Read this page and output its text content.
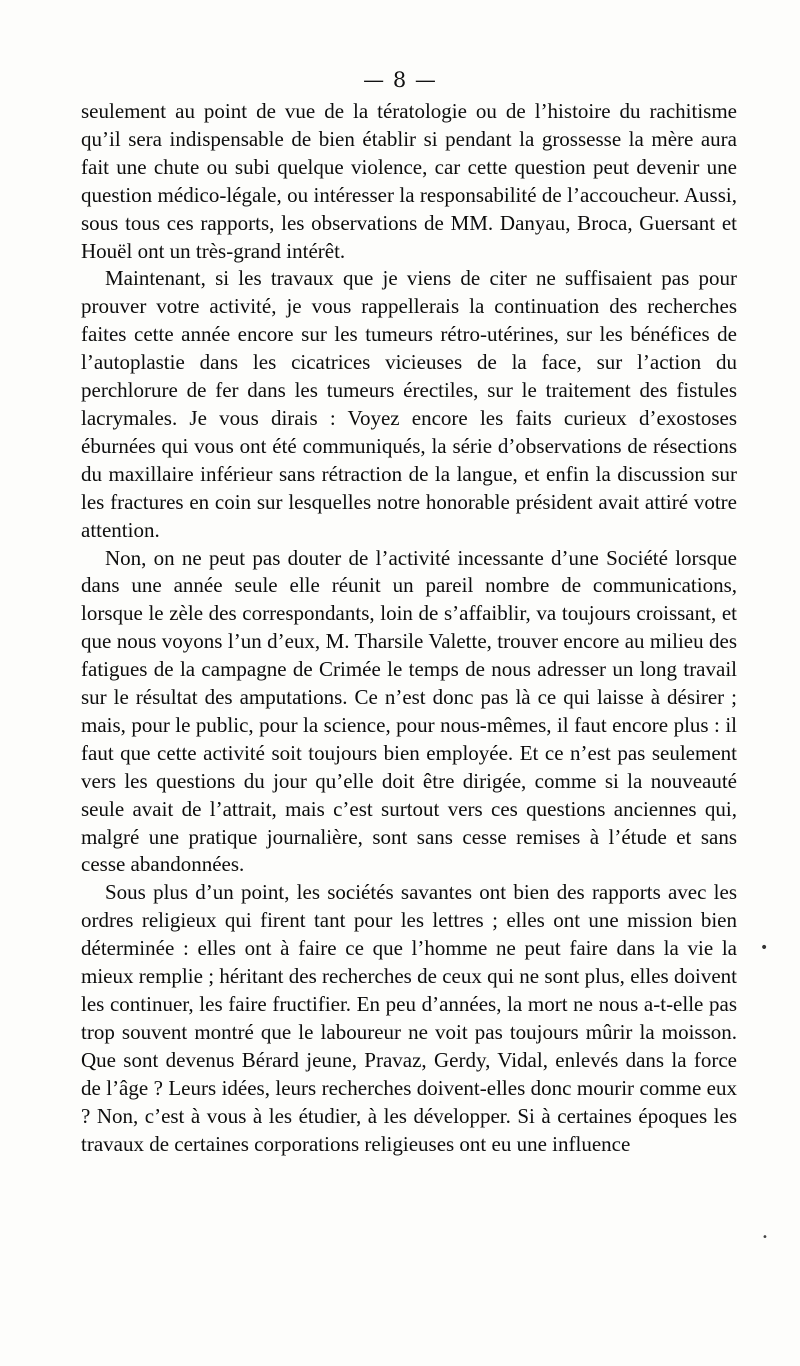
— 8 —

seulement au point de vue de la tératologie ou de l’histoire du rachitisme qu’il sera indispensable de bien établir si pendant la grossesse la mère aura fait une chute ou subi quelque violence, car cette question peut devenir une question médico-légale, ou intéresser la responsabilité de l’accoucheur. Aussi, sous tous ces rapports, les observations de MM. Danyau, Broca, Guersant et Houël ont un très-grand intérêt.

Maintenant, si les travaux que je viens de citer ne suffisaient pas pour prouver votre activité, je vous rappellerais la continuation des recherches faites cette année encore sur les tumeurs rétro-utérines, sur les bénéfices de l’autoplastie dans les cicatrices vicieuses de la face, sur l’action du perchlorure de fer dans les tumeurs érectiles, sur le traitement des fistules lacrymales. Je vous dirais : Voyez encore les faits curieux d’exostoses éburnées qui vous ont été communiqués, la série d’observations de résections du maxillaire inférieur sans rétraction de la langue, et enfin la discussion sur les fractures en coin sur lesquelles notre honorable président avait attiré votre attention.

Non, on ne peut pas douter de l’activité incessante d’une Société lorsque dans une année seule elle réunit un pareil nombre de communications, lorsque le zèle des correspondants, loin de s’affaiblir, va toujours croissant, et que nous voyons l’un d’eux, M. Tharsile Valette, trouver encore au milieu des fatigues de la campagne de Crimée le temps de nous adresser un long travail sur le résultat des amputations. Ce n’est donc pas là ce qui laisse à désirer ; mais, pour le public, pour la science, pour nous-mêmes, il faut encore plus : il faut que cette activité soit toujours bien employée. Et ce n’est pas seulement vers les questions du jour qu’elle doit être dirigée, comme si la nouveauté seule avait de l’attrait, mais c’est surtout vers ces questions anciennes qui, malgré une pratique journalière, sont sans cesse remises à l’étude et sans cesse abandonnées.

Sous plus d’un point, les sociétés savantes ont bien des rapports avec les ordres religieux qui firent tant pour les lettres ; elles ont une mission bien déterminée : elles ont à faire ce que l’homme ne peut faire dans la vie la mieux remplie ; héritant des recherches de ceux qui ne sont plus, elles doivent les continuer, les faire fructifier. En peu d’années, la mort ne nous a-t-elle pas trop souvent montré que le laboureur ne voit pas toujours mûrir la moisson. Que sont devenus Bérard jeune, Pravaz, Gerdy, Vidal, enlevés dans la force de l’âge ? Leurs idées, leurs recherches doivent-elles donc mourir comme eux ? Non, c’est à vous à les étudier, à les développer. Si à certaines époques les travaux de certaines corporations religieuses ont eu une influence

•
•
